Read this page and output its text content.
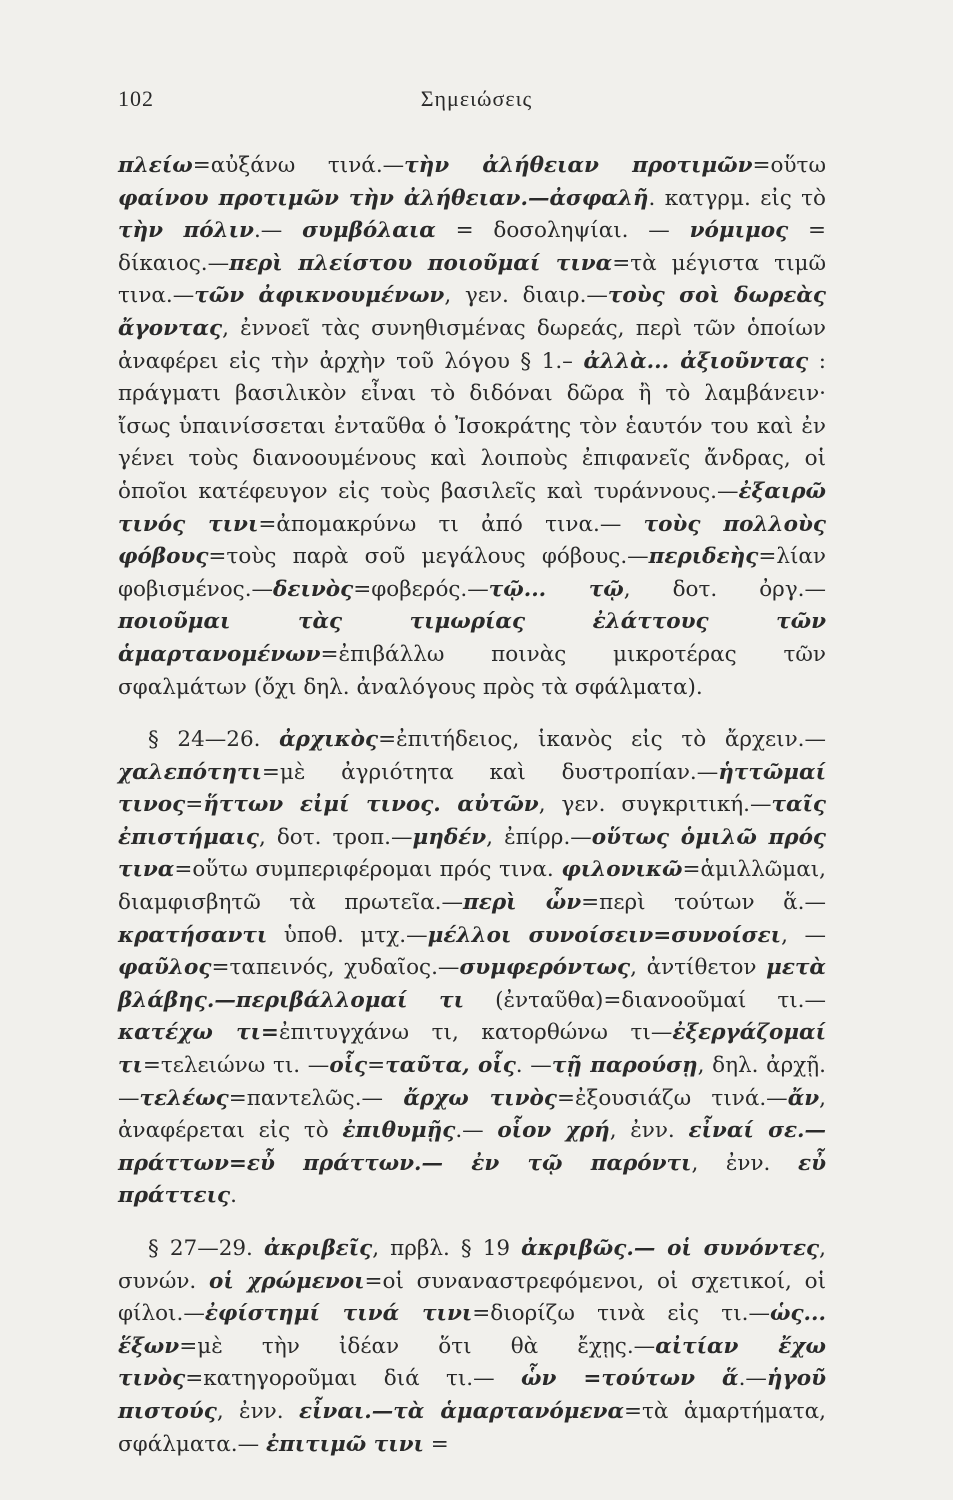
102	Σημειώσεις

πλείω=αὐξάνω τινά.—τὴν ἀλήθειαν προτιμῶν=οὕτω φαίνου προτιμῶν τὴν ἀλήθειαν.—ἀσφαλῆ. κατγρμ. εἰς τὸ τὴν πόλιν.— συμβόλαια = δοσοληψίαι. — νόμιμος = δίκαιος.—περὶ πλείστου ποιοῦμαί τινα=τὰ μέγιστα τιμῶ τινα.—τῶν ἀφικνουμένων, γεν. διαιρ.—τοὺς σοὶ δωρεὰς ἄγοντας, ἐννοεῖ τὰς συνηθισμένας δωρεάς, περὶ τῶν ὁποίων ἀναφέρει εἰς τὴν ἀρχὴν τοῦ λόγου § 1.– ἀλλὰ... ἀξιοῦντας : πράγματι βασιλικὸν εἶναι τὸ διδόναι δῶρα ἢ τὸ λαμβάνειν· ἴσως ὑπαινίσσεται ἐνταῦθα ὁ Ἰσοκράτης τὸν ἑαυτόν του καὶ ἐν γένει τοὺς διανοουμένους καὶ λοιποὺς ἐπιφανεῖς ἄνδρας, οἱ ὁποῖοι κατέφευγον εἰς τοὺς βασιλεῖς καὶ τυράννους.—ἐξαιρῶ τινός τινι=ἀπομακρύνω τι ἀπό τινα.— τοὺς πολλοὺς φόβους=τοὺς παρὰ σοῦ μεγάλους φόβους.—περιδεὴς=λίαν φοβισμένος.—δεινὸς=φοβερός.—τῷ... τῷ, δοτ. ὀργ.—ποιοῦμαι τὰς τιμωρίας ἐλάττους τῶν ἁμαρτανομένων=ἐπιβάλλω ποινὰς μικροτέρας τῶν σφαλμάτων (ὄχι δηλ. ἀναλόγους πρὸς τὰ σφάλματα).

§ 24—26. ἀρχικὸς=ἐπιτήδειος, ἱκανὸς εἰς τὸ ἄρχειν.— χαλεπότητι=μὲ ἀγριότητα καὶ δυστροπίαν.—ἡττῶμαί τινος=ἥττων εἰμί τινος. αὐτῶν, γεν. συγκριτική.—ταῖς ἐπιστήμαις, δοτ. τροπ.—μηδέν, ἐπίρρ.—οὕτως ὁμιλῶ πρός τινα=οὕτω συμπεριφέρομαι πρός τινα. φιλονικῶ=ἁμιλλῶμαι, διαμφισβητῶ τὰ πρωτεῖα.—περὶ ὧν=περὶ τούτων ἅ.—κρατήσαντι ὑποθ. μτχ.—μέλλοι συνοίσειν=συνοίσει, —φαῦλος=ταπεινός, χυδαῖος.—συμφερόντως, ἀντίθετον μετὰ βλάβης.—περιβάλλομαί τι (ἐνταῦθα)=διανοοῦμαί τι.—κατέχω τι=ἐπιτυγχάνω τι, κατορθώνω τι—ἐξεργάζομαί τι=τελειώνω τι. —οἷς=ταῦτα, οἷς. —τῇ παρούσῃ, δηλ. ἀρχῇ.—τελέως=παντελῶς.— ἄρχω τινὸς=ἐξουσιάζω τινά.—ἄν, ἀναφέρεται εἰς τὸ ἐπιθυμῇς.— οἷον χρή, ἐνν. εἶναί σε.—πράττων=εὖ πράττων.— ἐν τῷ παρόντι, ἐνν. εὖ πράττεις.

§ 27—29. ἀκριβεῖς, πρβλ. § 19 ἀκριβῶς.— οἱ συνόντες, συνών. οἱ χρώμενοι=οἱ συναναστρεφόμενοι, οἱ σχετικοί, οἱ φίλοι.—ἐφίστημί τινά τινι=διορίζω τινὰ εἰς τι.—ὡς... ἕξων=μὲ τὴν ἰδέαν ὅτι θὰ ἔχῃς.—αἰτίαν ἔχω τινὸς=κατηγοροῦμαι διά τι.— ὧν =τούτων ἅ.—ἡγοῦ πιστούς, ἐνν. εἶναι.—τὰ ἁμαρτανόμενα=τὰ ἁμαρτήματα, σφάλματα.— ἐπιτιμῶ τινι =
